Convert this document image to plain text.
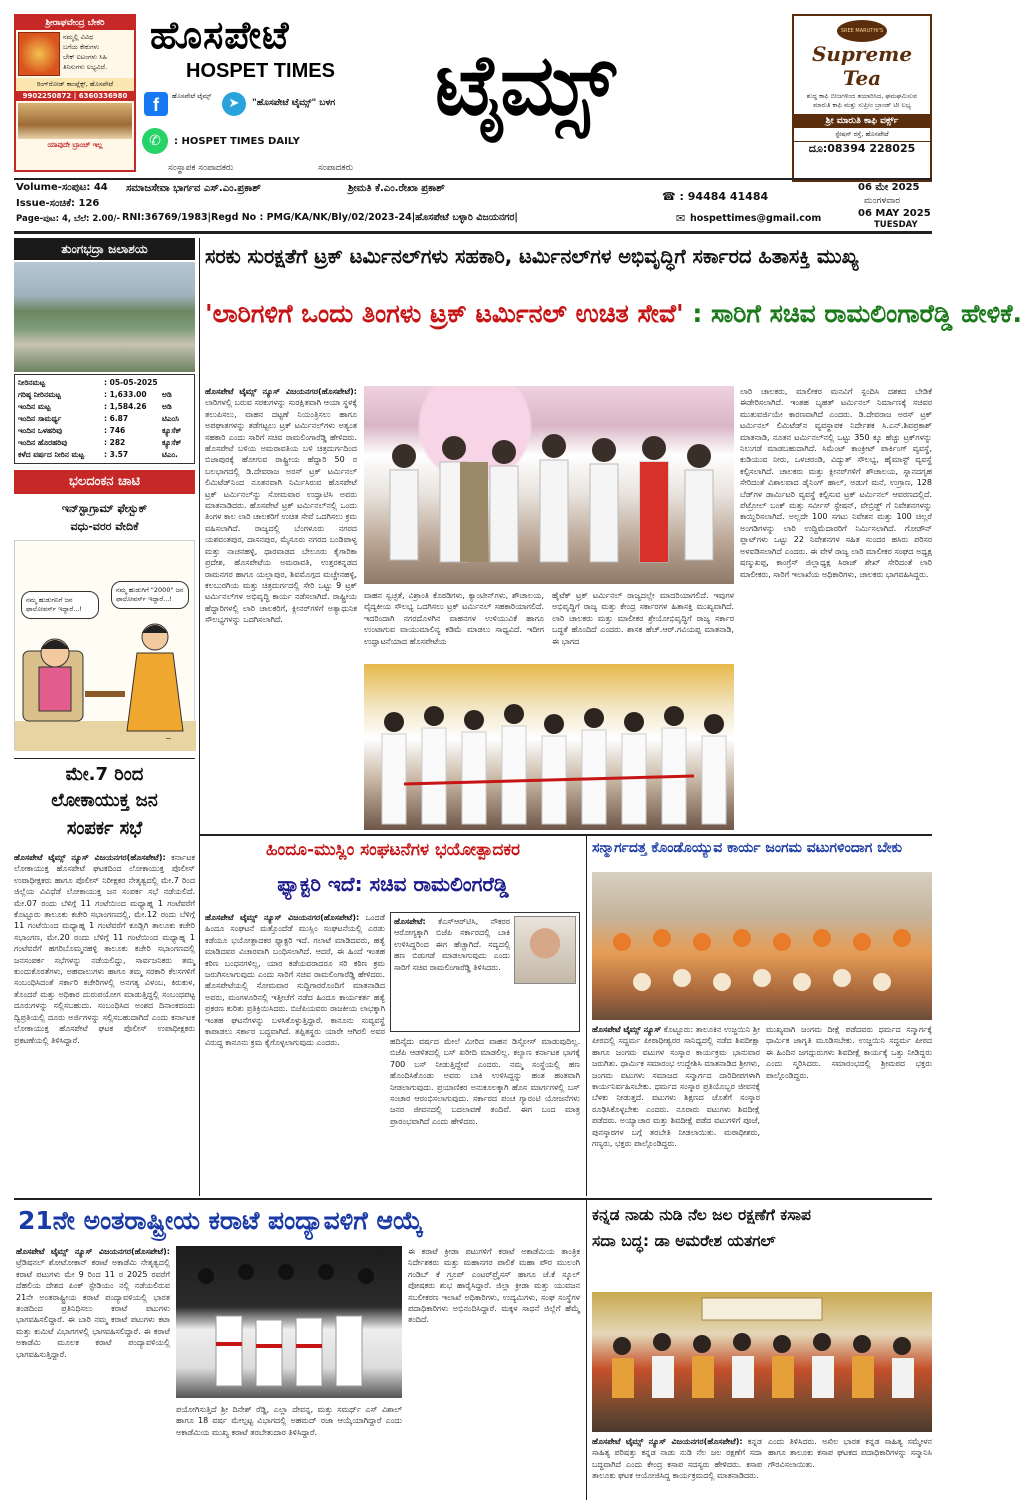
ಶ್ರೀರಾಘವೇಂದ್ರ ಬೇಕರಿ
ನಮ್ಮಲ್ಲಿ ವಿವಿಧ
ಬಗೆಯ ಕೇಕುಗಳು
ಬೇಕ್ ಐಟಂಗಳು ಸಿಹಿ
ತಿನಿಸುಗಳು ಲಭ್ಯವಿದೆ.
ರಿಂಗ್‌ರೋಡ್ ಕಾಂಪ್ಲೆಕ್ಸ್, ಹೊಸಪೇಟೆ
9902250872 | 6360336980
ಯಾವುದೇ ಬ್ರಾಂಚ್ ಇಲ್ಲ
ಹೊಸಪೇಟೆ
HOSPET TIMES ಟೈಮ್ಸ್
f	ಹೊಸಪೇಟೆ ಟೈಮ್ಸ್	➤	"ಹೊಸಪೇಟೆ ಟೈಮ್ಸ್" ಬಳಗ
✆	: HOSPET TIMES DAILY
ಸಂಸ್ಥಾಪಕ ಸಂಪಾದಕರು	ಸಂಪಾದಕರು
SREE MARUTHI'S
Supreme Tea
ಶುದ್ಧ ಕಾಫಿ ಬೀಜಗಳಿಂದ ತಯಾರಿಸಿದ, ಘಮಘಮಿಸುವ ಮಾರುತಿ ಕಾಫಿ ಮತ್ತು ಸುಪ್ರೀಂ ಬ್ರಾಂಡ್ ಟೀ ಲಭ್ಯ
ಶ್ರೀ ಮಾರುತಿ ಕಾಫಿ ವರ್ಕ್ಸ್
ಸ್ಟೇಷನ್ ರಸ್ತೆ, ಹೊಸಪೇಟೆ
ದೂ:08394 228025
Volume-ಸಂಪುಟ: 44
Issue-ಸಂಚಿಕೆ: 126
Page-ಪುಟ: 4, ಬೆಲೆ: 2.00/-
ಸಮಾಜಸೇವಾ ಭಾರ್ಗವ ಎಸ್.ಎಂ.ಪ್ರಕಾಶ್	ಶ್ರೀಮತಿ ಕೆ.ಎಂ.ರೇಖಾ ಪ್ರಕಾಶ್
☎ : 94484 41484
06 ಮೇ 2025
ಮಂಗಳವಾರ
06 MAY 2025
TUESDAY
RNI:36769/1983|Regd No : PMG/KA/NK/Bly/02/2023-24|ಹೊಸಪೇಟೆ ಬಳ್ಳಾರಿ ವಿಜಯನಗರ|	✉ hospettimes@gmail.com
ತುಂಗಭದ್ರಾ ಜಲಾಶಯ
ನೀರಿನಮಟ್ಟ	: 05-05-2025
ಗರಿಷ್ಠ ನೀರಿನಮಟ್ಟ	: 1,633.00	ಅಡಿ
ಇಂದಿನ ಮಟ್ಟ	: 1,584.26	ಅಡಿ
ಇಂದಿನ ಸಾಮರ್ಥ್ಯ	: 6.87	ಟಿಎಂಸಿ
ಇಂದಿನ ಒಳಹರಿವು	: 746	ಕ್ಯೂಸೆಕ್
ಇಂದಿನ ಹೊರಹರಿವು	: 282	ಕ್ಯೂಸೆಕ್
ಕಳೆದ ವರ್ಷದ ನೀರಿನ ಮಟ್ಟ	: 3.57	ಟಿಎಂ.
ಭಲದಂಕನ ಚಾಟಿ
ಇನ್‌ಸ್ಟಾಗ್ರಾಮ್ ಫೇಸ್ಬುಕ್
ವಧು-ವರರ ವೇದಿಕೆ
ನಮ್ಮ ಹುಡುಗನಿಗೆ ಜನ ಫಾಲೋವರ್ಸ್ ಇದ್ದಾರೆ...!
ನಮ್ಮ ಹುಡುಗಿಗೆ "2000" ಜನ ಫಾಲೋವರ್ಸ್ ಇದ್ದಾರೆ...!
~
ಮೇ.7 ರಿಂದ
ಲೋಕಾಯುಕ್ತ ಜನ
ಸಂಪರ್ಕ ಸಭೆ
ಹೊಸಪೇಟೆ ಟೈಮ್ಸ್ ನ್ಯೂಸ್ ವಿಜಯನಗರ(ಹೊಸಪೇಟೆ): ಕರ್ನಾಟಕ ಲೋಕಾಯುಕ್ತ ಹೊಸಪೇಟೆ ಘಟಕದಿಂದ ಲೋಕಾಯುಕ್ತ ಪೊಲೀಸ್ ಉಪಾಧೀಕ್ಷಕರು ಹಾಗೂ ಪೊಲೀಸ್ ನಿರೀಕ್ಷಕರ ನೇತೃತ್ವದಲ್ಲಿ ಮೇ.7 ರಿಂದ ಜಿಲ್ಲೆಯ ವಿವಿಧೆಡೆ ಲೋಕಾಯುಕ್ತ ಜನ ಸಂಪರ್ಕ ಸಭೆ ನಡೆಯಲಿದೆ. ಮೇ.07 ರಂದು ಬೆಳಿಗ್ಗೆ 11 ಗಂಟೆಯಿಂದ ಮಧ್ಯಾಹ್ನ 1 ಗಂಟೆವರೆಗೆ ಕೊಟ್ಟೂರು ತಾಲೂಕು ಕಚೇರಿ ಸಭಾಂಗಣದಲ್ಲಿ, ಮೇ.12 ರಂದು ಬೆಳಿಗ್ಗೆ 11 ಗಂಟೆಯಿಂದ ಮಧ್ಯಾಹ್ನ 1 ಗಂಟೆವರೆಗೆ ಕೂಡ್ಲಿಗಿ ತಾಲೂಕು ಕಚೇರಿ ಸಭಾಂಗಣ, ಮೇ.20 ರಂದು ಬೆಳಿಗ್ಗೆ 11 ಗಂಟೆಯಿಂದ ಮಧ್ಯಾಹ್ನ 1 ಗಂಟೆವರೆಗೆ ಹಗರಿಬೊಮ್ಮನಹಳ್ಳಿ ತಾಲೂಕು ಕಚೇರಿ ಸಭಾಂಗಣದಲ್ಲಿ ಜನಸಂಪರ್ಕ ಸಭೆಗಳನ್ನು ನಡೆಯಲಿದ್ದು, ಸಾರ್ವಜನಿಕರು ತಮ್ಮ ಕುಂದುಕೊರತೆಗಳು, ಅಹವಾಲುಗಳು ಹಾಗೂ ತಮ್ಮ ಸರಕಾರಿ ಕೆಲಸಗಳಿಗೆ ಸಂಬಂಧಿಸಿದಂತೆ ಸರ್ಕಾರಿ ಕಚೇರಿಗಳಲ್ಲಿ ಅನಗತ್ಯ ವಿಳಂಬ, ಕಿರುಕುಳ, ತೊಂದರೆ ಮತ್ತು ಅಧಿಕಾರ ದುರುಪಯೋಗ ಮಾಡುತ್ತಿದ್ದಲ್ಲಿ ಸಂಬಂಧಪಟ್ಟ ದೂರುಗಳನ್ನು ಸಲ್ಲಿಸಬಹುದು. ಸಂಬಂಧಿಸಿದ ಅಂಶದ ದಿನಾಂಕದಂದು ದ್ವಿಪ್ರತಿಯಲ್ಲಿ ದೂರು ಅರ್ಜಿಗಳನ್ನು ಸಲ್ಲಿಸಬಹುದಾಗಿದೆ ಎಂದು ಕರ್ನಾಟಕ ಲೋಕಾಯುಕ್ತ ಹೊಸಪೇಟೆ ಘಟಕ ಪೊಲೀಸ್ ಉಪಾಧೀಕ್ಷಕರು ಪ್ರಕಟಣೆಯಲ್ಲಿ ತಿಳಿಸಿದ್ದಾರೆ.
ಸರಕು ಸುರಕ್ಷತೆಗೆ ಟ್ರಕ್ ಟರ್ಮಿನಲ್‌ಗಳು ಸಹಕಾರಿ, ಟರ್ಮಿನಲ್‌ಗಳ ಅಭಿವೃದ್ಧಿಗೆ ಸರ್ಕಾರದ ಹಿತಾಸಕ್ತಿ ಮುಖ್ಯ
'ಲಾರಿಗಳಿಗೆ ಒಂದು ತಿಂಗಳು ಟ್ರಕ್ ಟರ್ಮಿನಲ್ ಉಚಿತ ಸೇವೆ' : ಸಾರಿಗೆ ಸಚಿವ ರಾಮಲಿಂಗಾರೆಡ್ಡಿ ಹೇಳಿಕೆ.
ಹೊಸಪೇಟೆ ಟೈಮ್ಸ್ ನ್ಯೂಸ್ ವಿಜಯನಗರ(ಹೊಸಪೇಟೆ): ಲಾರಿಗಳಲ್ಲಿ ಬರುವ ಸರಕುಗಳನ್ನು ಸುರಕ್ಷಿತವಾಗಿ ಆಯಾ ಸ್ಥಳಕ್ಕೆ ತಲುಪಿಸಲು, ವಾಹನ ದಟ್ಟಣೆ ನಿಯಂತ್ರಿಸಲು ಹಾಗೂ ಅಪಘಾತಗಳನ್ನು ತಡೆಗಟ್ಟಲು ಟ್ರಕ್ ಟರ್ಮಿನಲ್‌ಗಳು ಅತ್ಯಂತ ಸಹಕಾರಿ ಎಂದು ಸಾರಿಗೆ ಸಚಿವ ರಾಮಲಿಂಗಾರೆಡ್ಡಿ ಹೇಳಿದರು. ಹೊಸಪೇಟೆ ಬಳಿಯ ಅಮರಾವತಿಯ ಬಳಿ ಚಿತ್ರದುರ್ಗದಿಂದ ಬಿಜಾಪುರಕ್ಕೆ ಹೋಗುವ ರಾಷ್ಟ್ರೀಯ ಹೆದ್ದಾರಿ 50 ರ ಬಲಭಾಗದಲ್ಲಿ ಡಿ.ದೇವರಾಜ ಅರಸ್ ಟ್ರಕ್ ಟರ್ಮಿನಲ್ ಲಿಮಿಟೆಡ್‌ನಿಂದ ನೂತನವಾಗಿ ನಿರ್ಮಿಸಿರುವ ಹೊಸಪೇಟೆ ಟ್ರಕ್ ಟರ್ಮಿನಲ್‌ನ್ನು ಸೋಮವಾರ ಉದ್ಘಾಟಿಸಿ ಅವರು ಮಾತನಾಡಿದರು. ಹೊಸಪೇಟೆ ಟ್ರಕ್ ಟರ್ಮಿನಲ್‌ನಲ್ಲಿ ಒಂದು ತಿಂಗಳ ಕಾಲ ಲಾರಿ ಚಾಲಕರಿಗೆ ಉಚಿತ ಸೇವೆ ಒದಗಿಸಲು ಕ್ರಮ ವಹಿಸಲಾಗಿದೆ. ರಾಜ್ಯದಲ್ಲಿ ಬೆಂಗಳೂರು ನಗರದ ಯಶವಂತಪುರ, ದಾಸನಪುರ, ಮೈಸೂರು ನಗರದ ಬಂಡಿಪಾಳ್ಯ ಮತ್ತು ನಾಚನಹಳ್ಳಿ, ಧಾರವಾಡದ ಬೇಲೂರು ಕೈಗಾರಿಕಾ ಪ್ರದೇಶ, ಹೊಸಪೇಟೆಯ ಅಮರಾವತಿ, ಉತ್ತರಕನ್ನಡದ ರಾಮನಗರ ಹಾಗೂ ಯಲ್ಲಾಪುರ, ಶಿವಮೊಗ್ಗದ ಮಚ್ಚೇನಹಳ್ಳಿ, ಕಲಬುರಗಿಯ ಮತ್ತು ಚಿತ್ರದುರ್ಗದಲ್ಲಿ ಸೇರಿ ಒಟ್ಟು 9 ಟ್ರಕ್ ಟರ್ಮಿನಲ್‌ಗಳ ಅಭಿವೃದ್ಧಿ ಕಾರ್ಯ ನಡೆಸಲಾಗಿದೆ. ರಾಷ್ಟ್ರೀಯ ಹೆದ್ದಾರಿಗಳಲ್ಲಿ ಲಾರಿ ಚಾಲಕರಿಗೆ, ಕ್ಲೀನರ್‌ಗಳಿಗೆ ಅತ್ಯಾಧುನಿಕ ಸೌಲಭ್ಯಗಳನ್ನು ಒದಗಿಸಲಾಗಿದೆ.
ವಾಹನ ಸ್ವಚ್ಛತೆ, ವಿಶ್ರಾಂತಿ ಕೊಠಡಿಗಳು, ಕ್ಯಾಂಟೀನ್‌ಗಳು, ಶೌಚಾಲಯ, ವೈದ್ಯಕೀಯ ಸೌಲಭ್ಯ ಒದಗಿಸಲು ಟ್ರಕ್ ಟರ್ಮಿನಲ್ ಸಹಕಾರಿಯಾಗಲಿದೆ. ಇದರಿಂದಾಗಿ ನಗರದೊಳಗಿನ ವಾಹನಗಳ ಉಳಿಯುವಿಕೆ ಹಾಗೂ ಉಂಟಾಗುವ ವಾಯುಮಾಲಿನ್ಯ ಕಡಿಮೆ ಮಾಡಲು ಸಾಧ್ಯವಿದೆ. ಇದೀಗ ಉದ್ಘಾಟನೆಯಾದ ಹೊಸಪೇಟೆಯ
ಹೈಟೆಕ್ ಟ್ರಕ್ ಟರ್ಮಿನಲ್ ರಾಜ್ಯದಲ್ಲೇ ಮಾದರಿಯಾಗಲಿದೆ. ಇವುಗಳ ಅಭಿವೃದ್ಧಿಗೆ ರಾಜ್ಯ ಮತ್ತು ಕೇಂದ್ರ ಸರ್ಕಾರಗಳ ಹಿತಾಸಕ್ತಿ ಮುಖ್ಯವಾಗಿದೆ. ಲಾರಿ ಚಾಲಕರು ಮತ್ತು ಮಾಲೀಕರ ಶ್ರೇಯೋಭಿವೃದ್ಧಿಗೆ ರಾಜ್ಯ ಸರ್ಕಾರ ಬದ್ಧತೆ ಹೊಂದಿದೆ ಎಂದರು. ಶಾಸಕ ಹೆಚ್.ಆರ್.ಗವಿಯಪ್ಪ ಮಾತನಾಡಿ, ಈ ಭಾಗದ
ಲಾರಿ ಚಾಲಕರು, ಮಾಲೀಕರ ಮನವಿಗೆ ಸ್ಪಂದಿಸಿ ದಶಕದ ಬೇಡಿಕೆ ಈಡೇರಿಸಲಾಗಿದೆ. ಇಂತಹ ಬೃಹತ್ ಟರ್ಮಿನಲ್ ನಿರ್ಮಾಣಕ್ಕೆ ಸಚಿವರ ಮುತುವರ್ಜಿಯೇ ಕಾರಣವಾಗಿದೆ ಎಂದರು. ಡಿ.ದೇವರಾಜ ಅರಸ್ ಟ್ರಕ್ ಟರ್ಮಿನಲ್ ಲಿಮಿಟೆಡ್‌ನ ವ್ಯವಸ್ಥಾಪಕ ನಿರ್ದೇಶಕ ಸಿ.ಎನ್.ಶಿವಪ್ರಕಾಶ್ ಮಾತನಾಡಿ, ನೂತನ ಟರ್ಮಿನಲ್‌ನಲ್ಲಿ ಒಟ್ಟು 350 ಕ್ಕೂ ಹೆಚ್ಚು ಟ್ರಕ್‌ಗಳನ್ನು ನಿಲುಗಡೆ ಮಾಡಬಹುದಾಗಿದೆ. ಸಿಮೆಂಟ್ ಕಾಂಕ್ರೀಟ್ ಪಾರ್ಕಿಂಗ್ ವ್ಯವಸ್ಥೆ, ಕುಡಿಯುವ ನೀರು, ಒಳಚರಂಡಿ, ವಿದ್ಯುತ್ ಸೌಲಭ್ಯ, ಹೈಮಾಸ್ಟ್ ವ್ಯವಸ್ಥೆ ಕಲ್ಪಿಸಲಾಗಿದೆ. ಚಾಲಕರು ಮತ್ತು ಕ್ಲೀನರ್‌ಗಳಿಗೆ ಶೌಚಾಲಯ, ಸ್ನಾನದಗೃಹ ಸೇರಿದಂತೆ ವಿಶಾಲವಾದ ಡೈನಿಂಗ್ ಹಾಲ್, ಅಡುಗೆ ಮನೆ, ಉಗ್ರಾಣ, 128 ಬೆಡ್‌ಗಳ ಡಾರ್ಮಿಟರಿ ವ್ಯವಸ್ಥೆ ಕಲ್ಪಿಸುವ ಟ್ರಕ್ ಟರ್ಮಿನಲ್ ಆವರಣದಲ್ಲಿದೆ. ಪೆಟ್ರೋಲ್ ಬಂಕ್ ಮತ್ತು ಸರ್ವೀಸ್ ಸ್ಟೇಷನ್, ವೇಬ್ರಿಡ್ಜ್‌ ಗೆ ನಿವೇಶನಗಳನ್ನು ಕಾಯ್ದಿರಿಸಲಾಗಿದೆ. ಅಲ್ಲದೇ 100 ಸಗಟು ನಿವೇಶನ ಮತ್ತು 100 ಚಿಲ್ಲರೆ ಅಂಗಡಿಗಳನ್ನು ಲಾರಿ ಉದ್ದಿಮೆದಾರರಿಗೆ ನಿರ್ಮಿಸಲಾಗಿದೆ. ಗೋಡೌನ್ ಪ್ಲಾಟ್‌ಗಳು ಒಟ್ಟು 22 ನಿವೇಶನಗಳ ಸಹಿತ ಸುಂದರ ಹಸಿರು ಪರಿಸರ ಅಳವಡಿಸಲಾಗಿದೆ ಎಂದರು. ಈ ವೇಳೆ ರಾಜ್ಯ ಲಾರಿ ಮಾಲೀಕರ ಸಂಘದ ಅಧ್ಯಕ್ಷ ಷಣ್ಮುಖಪ್ಪ, ಕಾಂಗ್ರೆಸ್ ಜಿಲ್ಲಾಧ್ಯಕ್ಷ ಸಿರಾಜ್ ಶೇಖ್ ಸೇರಿದಂತೆ ಲಾರಿ ಮಾಲೀಕರು, ಸಾರಿಗೆ ಇಲಾಖೆಯ ಅಧಿಕಾರಿಗಳು, ಚಾಲಕರು ಭಾಗವಹಿಸಿದ್ದರು.
ಹಿಂದೂ-ಮುಸ್ಲಿಂ ಸಂಘಟನೆಗಳ ಭಯೋತ್ಪಾದಕರ
ಫ್ಯಾಕ್ಟರಿ ಇದೆ: ಸಚಿವ ರಾಮಲಿಂಗರೆಡ್ಡಿ
ಹೊಸಪೇಟೆ ಟೈಮ್ಸ್ ನ್ಯೂಸ್ ವಿಜಯನಗರ(ಹೊಸಪೇಟೆ): ಒಂದಡೆ ಹಿಂದೂ ಸಂಘಟನೆ ಮತ್ತೊಂದೆಡೆ ಮುಸ್ಲಿಂ ಸಂಘಟನೆಯಲ್ಲಿ ಎರಡು ಕಡೆಯೂ ಭಯೋತ್ಪಾದಕರ ಫ್ಯಾಕ್ಟರಿ ಇದೆ. ಗಲಾಟೆ ಮಾಡಿದವರು, ಹತ್ಯೆ ಮಾಡಿದವರ ವಿಚಾರವಾಗಿ ಬಂಧಿಸಲಾಗಿದೆ. ಆದರೆ, ಈ ಹಿಂದೆ ಇಂತಹ ಕಠಿಣ ಬಂಧನಗಳಿಲ್ಲ, ಯಾರ ಕಡೆಯವರಾದರೂ ಸರಿ ಕಠಿಣ ಕ್ರಮ ಜರುಗಿಸಲಾಗುವುದು ಎಂದು ಸಾರಿಗೆ ಸಚಿವ ರಾಮಲಿಂಗಾರೆಡ್ಡಿ ಹೇಳಿದರು. ಹೊಸಪೇಟೆಯಲ್ಲಿ ಸೋಮವಾರ ಸುದ್ದಿಗಾರರೊಂದಿಗೆ ಮಾತನಾಡಿದ ಅವರು, ಮಂಗಳೂರಿನಲ್ಲಿ ಇತ್ತೀಚೆಗೆ ನಡೆದ ಹಿಂದೂ ಕಾರ್ಯಕರ್ತ ಹತ್ಯೆ ಪ್ರಕರಣ ಕುರಿತು ಪ್ರತಿಕ್ರಿಯಿಸಿದರು. ಬಿಜೆಪಿಯವರು ರಾಜಕೀಯ ಲಾಭಕ್ಕಾಗಿ ಇಂತಹ ಘಟನೆಗಳನ್ನು ಬಳಸಿಕೊಳ್ಳುತ್ತಿದ್ದಾರೆ. ಕಾನೂನು ಸುವ್ಯವಸ್ಥೆ ಕಾಪಾಡಲು ಸರ್ಕಾರ ಬದ್ಧವಾಗಿದೆ. ತಪ್ಪಿತಸ್ಥರು ಯಾರೇ ಆಗಿರಲಿ ಅವರ ವಿರುದ್ಧ ಕಾನೂನು ಕ್ರಮ ಕೈಗೊಳ್ಳಲಾಗುವುದು ಎಂದರು.
ಹೊಸಪೇಟೆ: ಕೆಎಸ್‌ಆರ್‌ಟಿಸಿ, ನೌಕರರ ಆರೋಗ್ಯಕ್ಕಾಗಿ ಬಿಜೆಪಿ ಸರ್ಕಾರದಲ್ಲಿ ಬಾಕಿ ಉಳಿಸಿದ್ದರಿಂದ ಈಗ ಹೆಚ್ಚಾಗಿದೆ. ಸದ್ಯದಲ್ಲಿ ಹಣ ಬಿಡುಗಡೆ ಮಾಡಲಾಗುವುದು ಎಂದು ಸಾರಿಗೆ ಸಚಿವ ರಾಮಲಿಂಗಾರೆಡ್ಡಿ ತಿಳಿಸಿದರು.
ಹದಿನೈದು ವರ್ಷದ ಮೇಲೆ ಮೀರಿದ ವಾಹನ ಡಿಸ್ಪೋಸ್ ಮಾಡುವುದಿಲ್ಲ. ಬಿಜೆಪಿ ಆಡಳಿತದಲ್ಲಿ ಬಸ್ ಖರೀದಿ ಮಾಡಲಿಲ್ಲ. ಕಲ್ಯಾಣ ಕರ್ನಾಟಕ ಭಾಗಕ್ಕೆ 700 ಬಸ್ ನೀಡುತ್ತಿದ್ದೇವೆ ಎಂದರು. ನಮ್ಮ ಸಂಸ್ಥೆಯಲ್ಲಿ ಹಣ ಹೊಂದಿಸಿಕೊಂಡು ಅವರು ಬಾಕಿ ಉಳಿಸಿದ್ದನ್ನು ಹಂತ ಹಂತವಾಗಿ ನೀಡಲಾಗುವುದು. ಪ್ರಯಾಣಿಕರ ಅನುಕೂಲಕ್ಕಾಗಿ ಹೊಸ ಮಾರ್ಗಗಳಲ್ಲಿ ಬಸ್ ಸಂಚಾರ ಆರಂಭಿಸಲಾಗುವುದು. ಸರ್ಕಾರದ ಪಂಚ ಗ್ಯಾರಂಟಿ ಯೋಜನೆಗಳು ಜನರ ಜೀವನದಲ್ಲಿ ಬದಲಾವಣೆ ತಂದಿವೆ. ಈಗ ಬಂದ ಮಾತ್ರ ಪ್ರಾರಂಭವಾಗಿದೆ ಎಂದು ಹೇಳಿದರು.
ಸನ್ಮಾರ್ಗದತ್ತ ಕೊಂಡೊಯ್ಯುವ ಕಾರ್ಯ ಜಂಗಮ ವಟುಗಳಿಂದಾಗ ಬೇಕು
ಹೊಸಪೇಟೆ ಟೈಮ್ಸ್ ನ್ಯೂಸ್ ಕೊಟ್ಟೂರು: ತಾಲೂಕಿನ ಉಜ್ಜಯಿನಿ ಶ್ರೀ ಪೀಠದಲ್ಲಿ ಸದ್ಧರ್ಮ ಪೀಠಾಧೀಶ್ವರರ ಸಾನಿಧ್ಯದಲ್ಲಿ ನಡೆದ ಶಿವದೀಕ್ಷಾ ಹಾಗೂ ಜಂಗಮ ವಟುಗಳ ಸಂಸ್ಕಾರ ಕಾರ್ಯಕ್ರಮ ಭಾನುವಾರ ಜರುಗಿತು. ಧಾರ್ಮಿಕ ಸಮಾರಂಭ ಉದ್ದೇಶಿಸಿ ಮಾತನಾಡಿದ ಶ್ರೀಗಳು, ಜಂಗಮ ವಟುಗಳು ಸಮಾಜದ ಸನ್ಮಾರ್ಗದ ದಾರಿದೀಪಗಳಾಗಿ ಕಾರ್ಯನಿರ್ವಹಿಸಬೇಕು. ಧರ್ಮದ ಸಂಸ್ಕಾರ ಪ್ರತಿಯೊಬ್ಬರ ಜೀವನಕ್ಕೆ ಬೆಳಕು ನೀಡುತ್ತದೆ. ವಟುಗಳು ಶಿಕ್ಷಣದ ಜೊತೆಗೆ ಸಂಸ್ಕಾರ ರೂಢಿಸಿಕೊಳ್ಳಬೇಕು ಎಂದರು. ನೂರಾರು ವಟುಗಳು ಶಿವದೀಕ್ಷೆ ಪಡೆದರು. ಅಯ್ಯಾಚಾರ ಮತ್ತು ಶಿವದೀಕ್ಷೆ ಪಡೆದ ವಟುಗಳಿಗೆ ಪೂಜೆ, ಪುನಸ್ಕಾರಗಳ ಬಗ್ಗೆ ತರಬೇತಿ ನೀಡಲಾಯಿತು. ಮಠಾಧೀಶರು, ಗಣ್ಯರು, ಭಕ್ತರು ಪಾಲ್ಗೊಂಡಿದ್ದರು.
ಮುಖ್ಯವಾಗಿ ಜಂಗಮ ದೀಕ್ಷೆ ಪಡೆದವರು ಧರ್ಮದ ಸನ್ಮಾರ್ಗಕ್ಕೆ ಧಾರ್ಮಿಕ ಜಾಗೃತಿ ಮೂಡಿಸಬೇಕು. ಉಜ್ಜಯಿನಿ ಸದ್ಧರ್ಮ ಪೀಠದ ಈ ಹಿಂದಿನ ಜಗದ್ಗುರುಗಳು ಶಿವದೀಕ್ಷೆ ಕಾರ್ಯಕ್ಕೆ ಒತ್ತು ನೀಡಿದ್ದರು ಎಂದು ಸ್ಮರಿಸಿದರು. ಸಮಾರಂಭದಲ್ಲಿ ಶ್ರೀಮಠದ ಭಕ್ತರು ಪಾಲ್ಗೊಂಡಿದ್ದರು.
21ನೇ ಅಂತರಾಷ್ಟ್ರೀಯ ಕರಾಟೆ ಪಂದ್ಯಾವಳಿಗೆ ಆಯ್ಕೆ
ಹೊಸಪೇಟೆ ಟೈಮ್ಸ್ ನ್ಯೂಸ್ ವಿಜಯನಗರ(ಹೊಸಪೇಟೆ): ಟ್ರೆಡಿಷನಲ್ ಶೋಟೋಕಾನ್ ಕರಾಟೆ ಅಕಾಡೆಮಿ ನೇತೃತ್ವದಲ್ಲಿ ಕರಾಟೆ ಪಟುಗಳು ಮೇ 9 ರಿಂದ 11 ರ 2025 ರವರೆಗೆ ದೆಹಲಿಯ ದೇಶದ ಪಿಂಕ್ ಸ್ಟೇಡಿಯಂ ನಲ್ಲಿ ನಡೆಯಲಿರುವ 21ನೇ ಅಂತರಾಷ್ಟ್ರೀಯ ಕರಾಟೆ ಪಂದ್ಯಾವಳಿಯಲ್ಲಿ ಭಾರತ ತಂಡದಿಂದ ಪ್ರತಿನಿಧಿಸಲು ಕರಾಟೆ ಪಟುಗಳು ಭಾಗವಹಿಸಲಿದ್ದಾರೆ. ಈ ಬಾರಿ ನಮ್ಮ ಕರಾಟೆ ಪಟುಗಳು ಕಟಾ ಮತ್ತು ಕುಮಿಟೆ ವಿಭಾಗಗಳಲ್ಲಿ ಭಾಗವಹಿಸಲಿದ್ದಾರೆ. ಈ ಕರಾಟೆ ಅಕಾಡೆಮಿ ಮೂಲಕ ಕರಾಟೆ ಪಂದ್ಯಾವಳಿಯಲ್ಲಿ ಭಾಗವಹಿಸುತ್ತಿದ್ದಾರೆ.
ಪಯೋಗಿಸುತ್ತಿದೆ ಶ್ರೀ ದಿನೇಶ್ ರೆಡ್ಡಿ, ಎಲ್ಲಾ ದೇವನ್ನ, ಮತ್ತು ಸಮರ್ಥ್ ಎಸ್ ವಿಶಾಲ್ ಹಾಗೂ 18 ವರ್ಷ ಮೇಲ್ಪಟ್ಟ ವಿಭಾಗದಲ್ಲಿ ಅಹಮದ್ ರಜಾ ಆಯ್ಕೆಯಾಗಿದ್ದಾರೆ ಎಂದು ಅಕಾಡೆಮಿಯ ಮುಖ್ಯ ಕರಾಟೆ ತರಬೇತುದಾರ ತಿಳಿಸಿದ್ದಾರೆ.
ಈ ಕರಾಟೆ ಕ್ರೀಡಾ ಪಟುಗಳಿಗೆ ಕರಾಟೆ ಅಕಾಡೆಮಿಯ ತಾಂತ್ರಿಕ ನಿರ್ದೇಶಕರು ಮತ್ತು ಮಹಾನಗರ ಪಾಲಿಕೆ ಮಹಾ ಪೌರ ಮುಲಂಗಿ ಗಂಡಿಬ್ ಕೆ ಗ್ರೂಪ್ ಎಂಟರ್‌ಪ್ರೈಸಸ್ ಹಾಗೂ ಜೆ.ಕೆ ಸ್ಕೂಲ್ ಪೋಷಕರು ಶುಭ ಹಾರೈಸಿದ್ದಾರೆ. ಜಿಲ್ಲಾ ಕ್ರೀಡಾ ಮತ್ತು ಯುವಜನ ಸಬಲೀಕರಣ ಇಲಾಖೆ ಅಧಿಕಾರಿಗಳು, ಉದ್ಯಮಿಗಳು, ಸಂಘ ಸಂಸ್ಥೆಗಳ ಪದಾಧಿಕಾರಿಗಳು ಅಭಿನಂದಿಸಿದ್ದಾರೆ. ಮಕ್ಕಳ ಸಾಧನೆ ಜಿಲ್ಲೆಗೆ ಹೆಮ್ಮೆ ತಂದಿದೆ.
ಕನ್ನಡ ನಾಡು ನುಡಿ ನೆಲ ಜಲ ರಕ್ಷಣೆಗೆ ಕಸಾಪ
ಸದಾ ಬದ್ಧ: ಡಾ ಅಮರೇಶ ಯತಗಲ್
ಹೊಸಪೇಟೆ ಟೈಮ್ಸ್ ನ್ಯೂಸ್ ವಿಜಯನಗರ(ಹೊಸಪೇಟೆ): ಕನ್ನಡ ಸಾಹಿತ್ಯ ಪರಿಷತ್ತು ಕನ್ನಡ ನಾಡು ನುಡಿ ನೆಲ ಜಲ ರಕ್ಷಣೆಗೆ ಸದಾ ಬದ್ಧವಾಗಿದೆ ಎಂದು ಕೇಂದ್ರ ಕಸಾಪ ಸದಸ್ಯರು ಹೇಳಿದರು. ಕಸಾಪ ತಾಲೂಕು ಘಟಕ ಆಯೋಜಿಸಿದ್ದ ಕಾರ್ಯಕ್ರಮದಲ್ಲಿ ಮಾತನಾಡಿದರು.
ಎಂದು ತಿಳಿಸಿದರು. ಅಖಿಲ ಭಾರತ ಕನ್ನಡ ಸಾಹಿತ್ಯ ಸಮ್ಮೇಳನ ಹಾಗೂ ತಾಲೂಕು ಕಸಾಪ ಘಟಕದ ಪದಾಧಿಕಾರಿಗಳನ್ನು ಸನ್ಮಾನಿಸಿ ಗೌರವಿಸಲಾಯಿತು.
